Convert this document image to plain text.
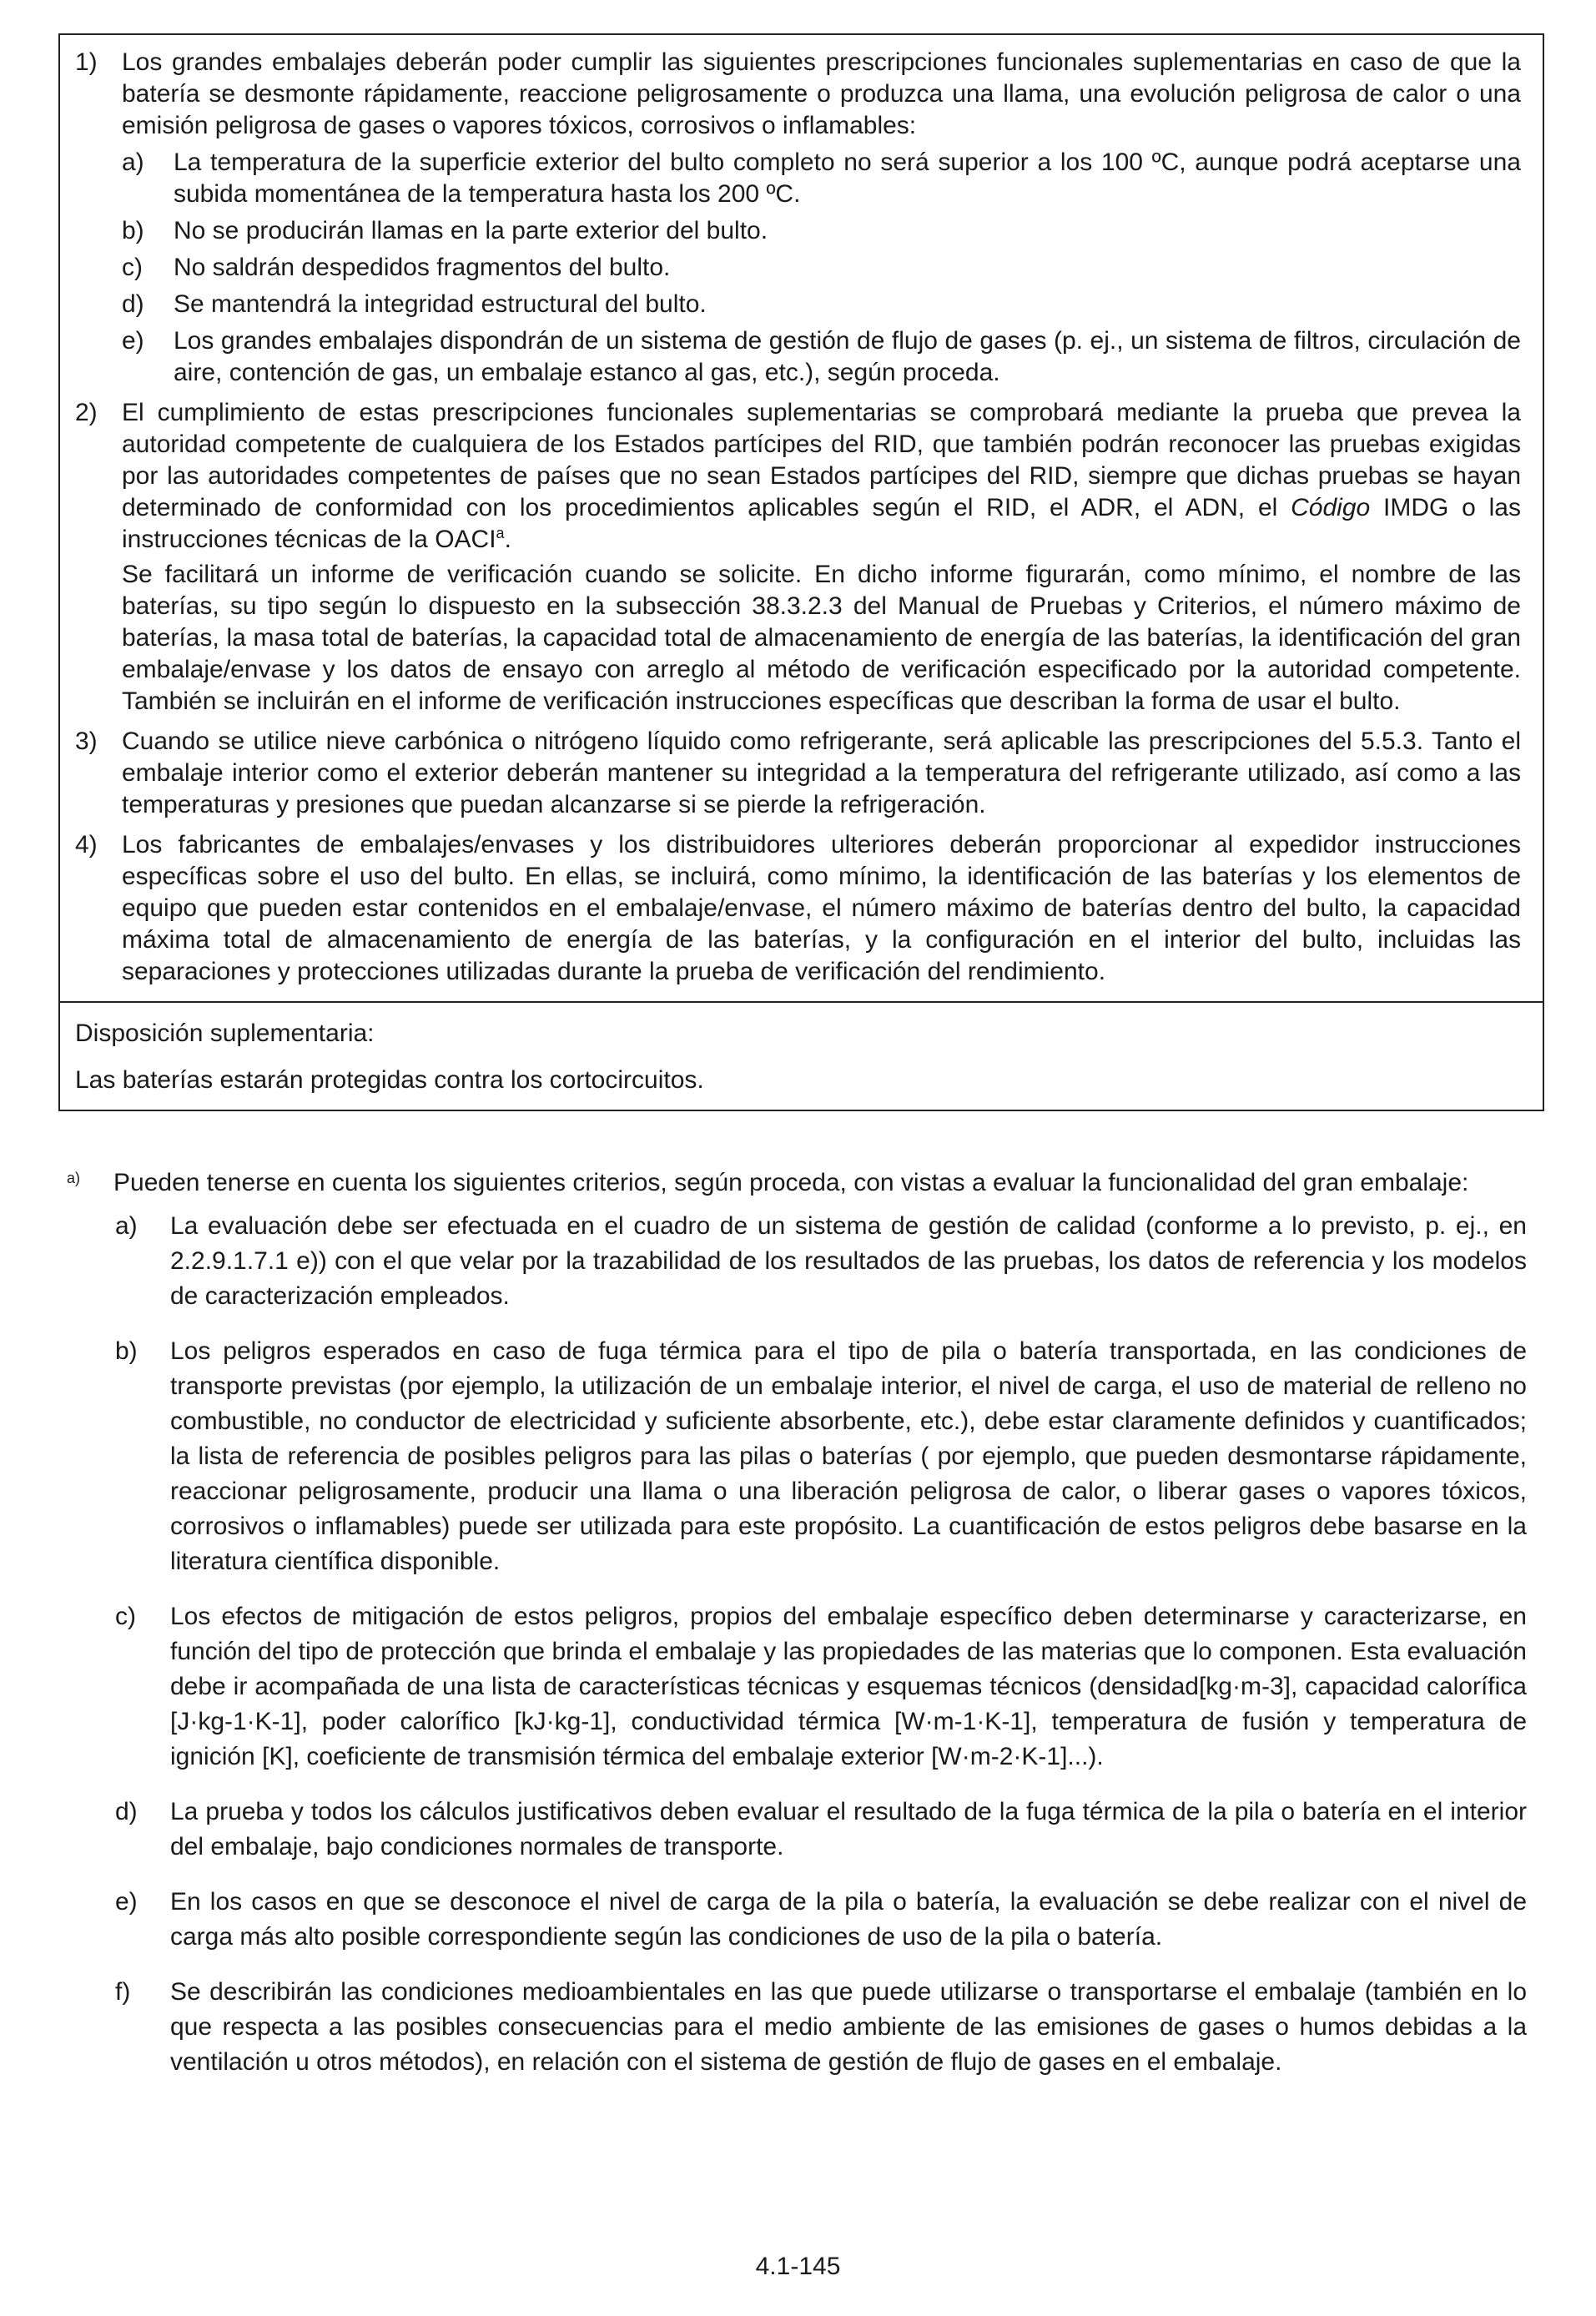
1) Los grandes embalajes deberán poder cumplir las siguientes prescripciones funcionales suplementarias en caso de que la batería se desmonte rápidamente, reaccione peligrosamente o produzca una llama, una evolución peligrosa de calor o una emisión peligrosa de gases o vapores tóxicos, corrosivos o inflamables:
a)	La temperatura de la superficie exterior del bulto completo no será superior a los 100 ºC, aunque podrá aceptarse una subida momentánea de la temperatura hasta los 200 ºC.
b)	No se producirán llamas en la parte exterior del bulto.
c)	No saldrán despedidos fragmentos del bulto.
d)	Se mantendrá la integridad estructural del bulto.
e)	Los grandes embalajes dispondrán de un sistema de gestión de flujo de gases (p. ej., un sistema de filtros, circulación de aire, contención de gas, un embalaje estanco al gas, etc.), según proceda.
2) El cumplimiento de estas prescripciones funcionales suplementarias se comprobará mediante la prueba que prevea la autoridad competente de cualquiera de los Estados partícipes del RID, que también podrán reconocer las pruebas exigidas por las autoridades competentes de países que no sean Estados partícipes del RID, siempre que dichas pruebas se hayan determinado de conformidad con los procedimientos aplicables según el RID, el ADR, el ADN, el Código IMDG o las instrucciones técnicas de la OACI$^a$.
Se facilitará un informe de verificación cuando se solicite. En dicho informe figurarán, como mínimo, el nombre de las baterías, su tipo según lo dispuesto en la subsección 38.3.2.3 del Manual de Pruebas y Criterios, el número máximo de baterías, la masa total de baterías, la capacidad total de almacenamiento de energía de las baterías, la identificación del gran embalaje/envase y los datos de ensayo con arreglo al método de verificación especificado por la autoridad competente. También se incluirán en el informe de verificación instrucciones específicas que describan la forma de usar el bulto.
3) Cuando se utilice nieve carbónica o nitrógeno líquido como refrigerante, será aplicable las prescripciones del 5.5.3. Tanto el embalaje interior como el exterior deberán mantener su integridad a la temperatura del refrigerante utilizado, así como a las temperaturas y presiones que puedan alcanzarse si se pierde la refrigeración.
4) Los fabricantes de embalajes/envases y los distribuidores ulteriores deberán proporcionar al expedidor instrucciones específicas sobre el uso del bulto. En ellas, se incluirá, como mínimo, la identificación de las baterías y los elementos de equipo que pueden estar contenidos en el embalaje/envase, el número máximo de baterías dentro del bulto, la capacidad máxima total de almacenamiento de energía de las baterías, y la configuración en el interior del bulto, incluidas las separaciones y protecciones utilizadas durante la prueba de verificación del rendimiento.
Disposición suplementaria:
Las baterías estarán protegidas contra los cortocircuitos.
a)	Pueden tenerse en cuenta los siguientes criterios, según proceda, con vistas a evaluar la funcionalidad del gran embalaje:
a)	La evaluación debe ser efectuada en el cuadro de un sistema de gestión de calidad (conforme a lo previsto, p. ej., en 2.2.9.1.7.1 e)) con el que velar por la trazabilidad de los resultados de las pruebas, los datos de referencia y los modelos de caracterización empleados.
b)	Los peligros esperados en caso de fuga térmica para el tipo de pila o batería transportada, en las condiciones de transporte previstas (por ejemplo, la utilización de un embalaje interior, el nivel de carga, el uso de material de relleno no combustible, no conductor de electricidad y suficiente absorbente, etc.), debe estar claramente definidos y cuantificados; la lista de referencia de posibles peligros para las pilas o baterías ( por ejemplo, que pueden desmontarse rápidamente, reaccionar peligrosamente, producir una llama o una liberación peligrosa de calor, o liberar gases o vapores tóxicos, corrosivos o inflamables) puede ser utilizada para este propósito. La cuantificación de estos peligros debe basarse en la literatura científica disponible.
c)	Los efectos de mitigación de estos peligros, propios del embalaje específico deben determinarse y caracterizarse, en función del tipo de protección que brinda el embalaje y las propiedades de las materias que lo componen. Esta evaluación debe ir acompañada de una lista de características técnicas y esquemas técnicos (densidad[kg·m-3], capacidad calorífica [J·kg-1·K-1], poder calorífico [kJ·kg-1], conductividad térmica [W·m-1·K-1], temperatura de fusión y temperatura de ignición [K], coeficiente de transmisión térmica del embalaje exterior [W·m-2·K-1]...).
d)	La prueba y todos los cálculos justificativos deben evaluar el resultado de la fuga térmica de la pila o batería en el interior del embalaje, bajo condiciones normales de transporte.
e)	En los casos en que se desconoce el nivel de carga de la pila o batería, la evaluación se debe realizar con el nivel de carga más alto posible correspondiente según las condiciones de uso de la pila o batería.
f)	Se describirán las condiciones medioambientales en las que puede utilizarse o transportarse el embalaje (también en lo que respecta a las posibles consecuencias para el medio ambiente de las emisiones de gases o humos debidas a la ventilación u otros métodos), en relación con el sistema de gestión de flujo de gases en el embalaje.
4.1-145
